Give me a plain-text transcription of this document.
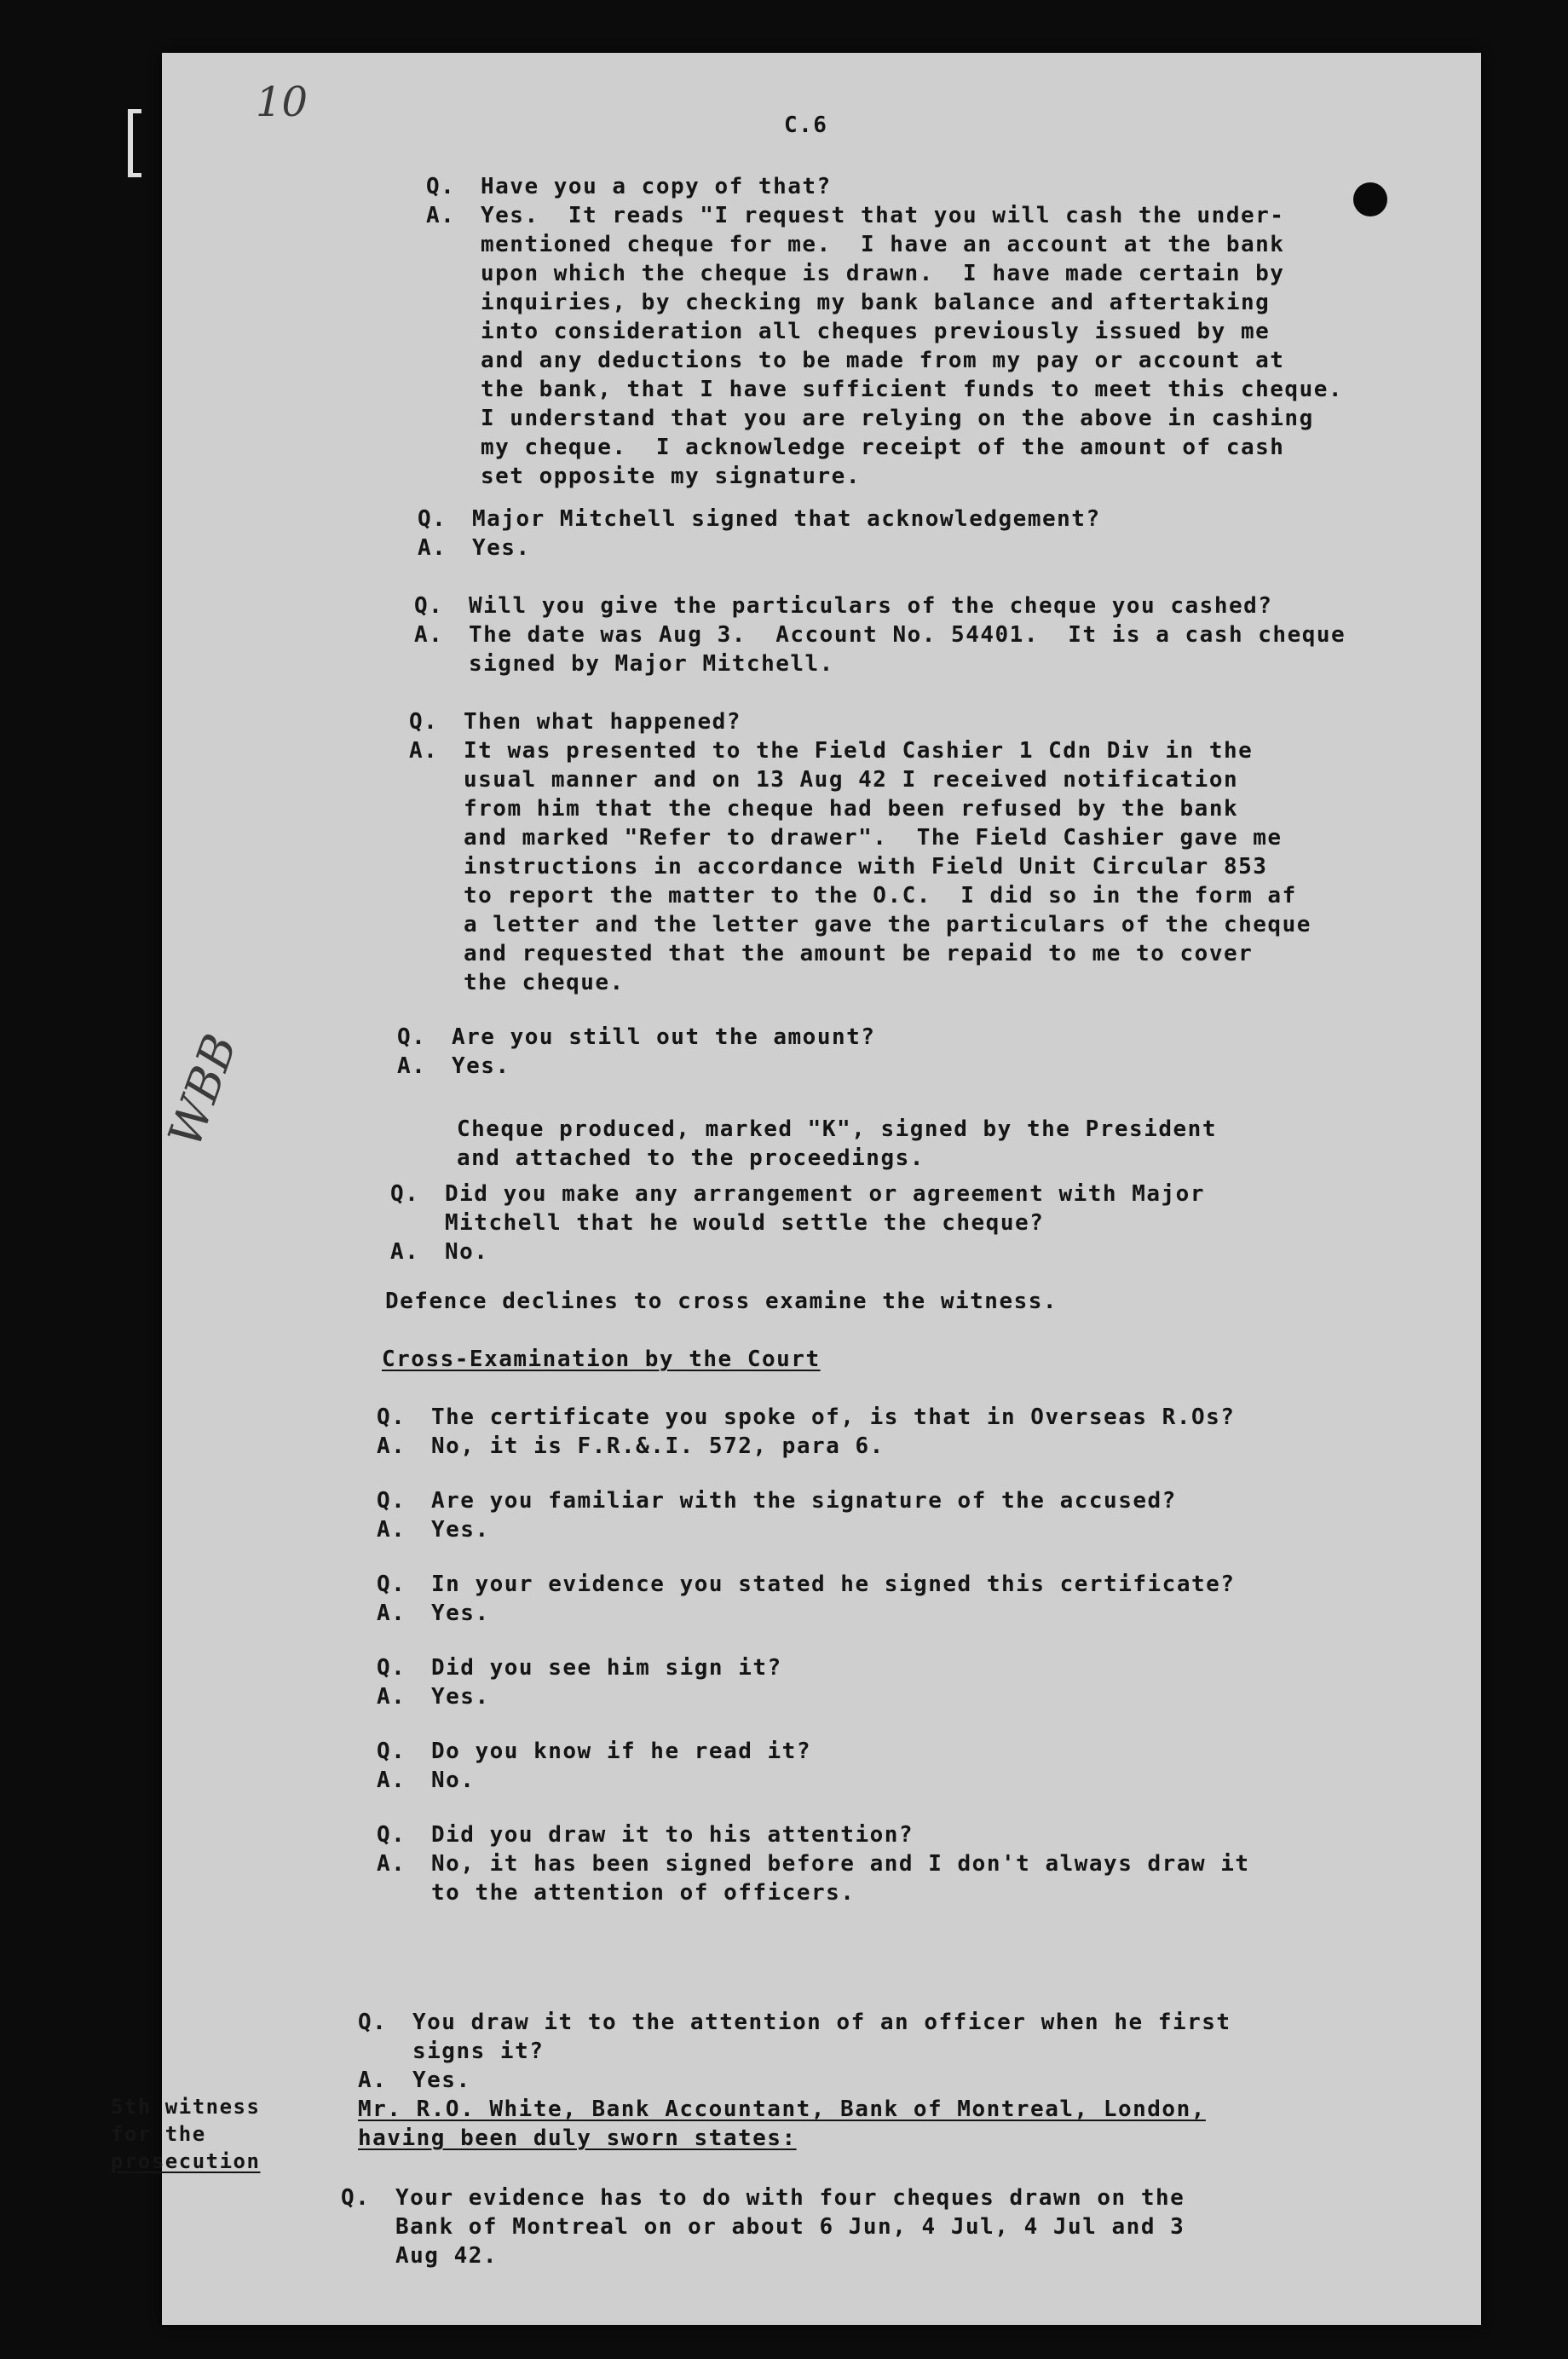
10	C.6
Q.	Have you a copy of that?
A.	Yes.  It reads "I request that you will cash the under-
mentioned cheque for me.  I have an account at the bank
upon which the cheque is drawn.  I have made certain by
inquiries, by checking my bank balance and aftertaking
into consideration all cheques previously issued by me
and any deductions to be made from my pay or account at
the bank, that I have sufficient funds to meet this cheque.
I understand that you are relying on the above in cashing
my cheque.  I acknowledge receipt of the amount of cash
set opposite my signature.
Q.	Major Mitchell signed that acknowledgement?
A.	Yes.
Q.	Will you give the particulars of the cheque you cashed?
A.	The date was Aug 3.  Account No. 54401.  It is a cash cheque
signed by Major Mitchell.
Q.	Then what happened?
A.	It was presented to the Field Cashier 1 Cdn Div in the
usual manner and on 13 Aug 42 I received notification
from him that the cheque had been refused by the bank
and marked "Refer to drawer".  The Field Cashier gave me
instructions in accordance with Field Unit Circular 853
to report the matter to the O.C.  I did so in the form af
a letter and the letter gave the particulars of the cheque
and requested that the amount be repaid to me to cover
the cheque.
Q.	Are you still out the amount?
A.	Yes.
WBB	Cheque produced, marked "K", signed by the President
and attached to the proceedings.
Q.	Did you make any arrangement or agreement with Major
Mitchell that he would settle the cheque?
A.	No.
Defence declines to cross examine the witness.
Cross-Examination by the Court
Q.	The certificate you spoke of, is that in Overseas R.Os?
A.	No, it is F.R.&.I. 572, para 6.
Q.	Are you familiar with the signature of the accused?
A.	Yes.
Q.	In your evidence you stated he signed this certificate?
A.	Yes.
Q.	Did you see him sign it?
A.	Yes.
Q.	Do you know if he read it?
A.	No.
Q.	Did you draw it to his attention?
A.	No, it has been signed before and I don't always draw it
to the attention of officers.
Q.	You draw it to the attention of an officer when he first
signs it?
A.	Yes.
5th witness
for the
prosecution
Mr. R.O. White, Bank Accountant, Bank of Montreal, London,
having been duly sworn states:
Q.	Your evidence has to do with four cheques drawn on the
Bank of Montreal on or about 6 Jun, 4 Jul, 4 Jul and 3
Aug 42.
